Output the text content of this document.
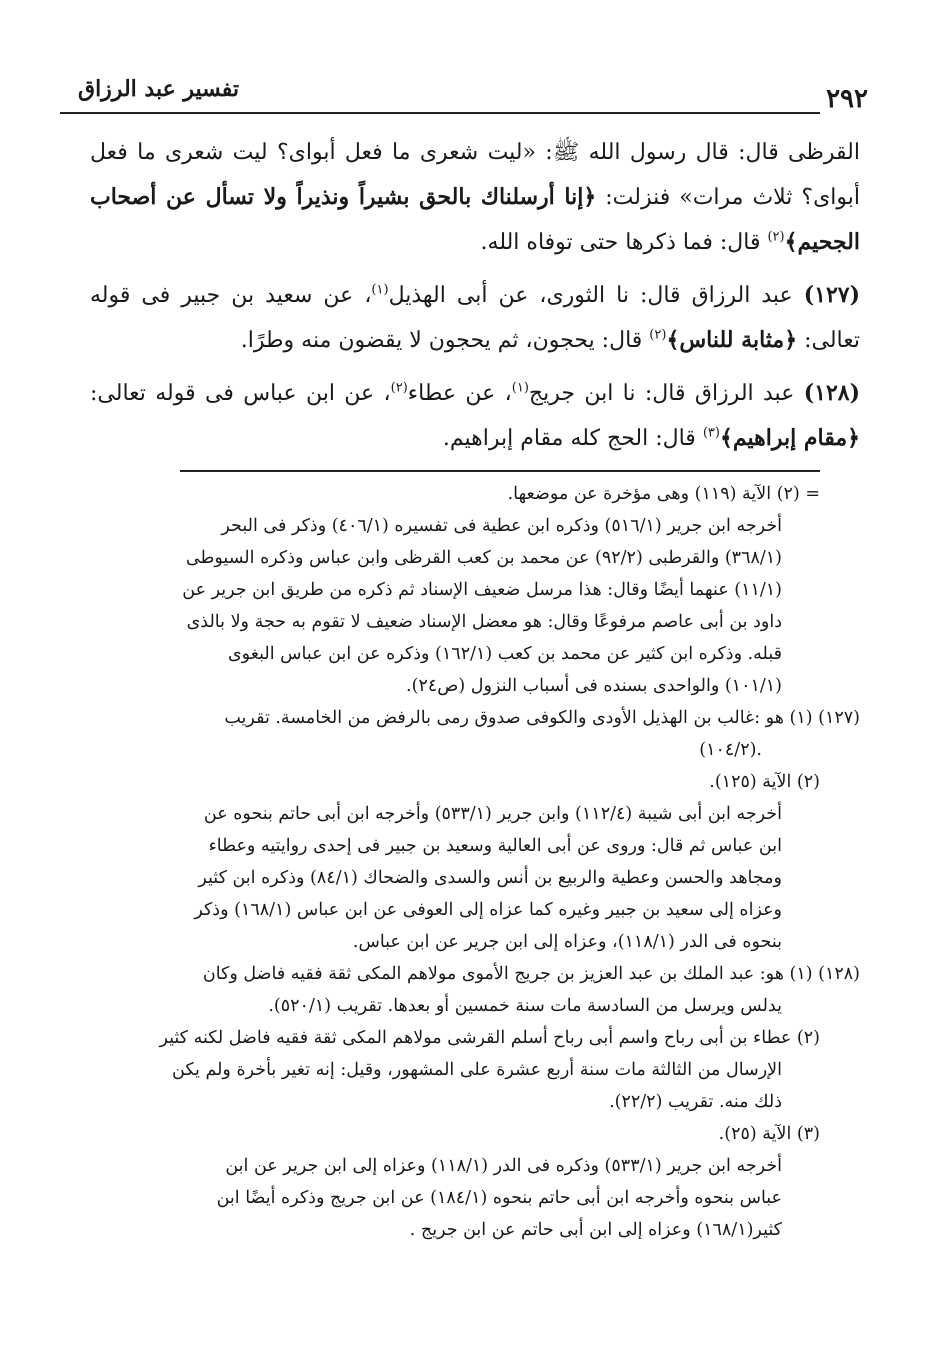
٢٩٢
تفسير عبد الرزاق

القرظى قال: قال رسول الله ﷺ: «ليت شعرى ما فعل أبواى؟ ليت شعرى ما فعل أبواى؟ ثلاث مرات» فنزلت: ﴿إنا أرسلناك بالحق بشيراً ونذيراً ولا تسأل عن أصحاب الجحيم﴾$^{(٢)}$ قال: فما ذكرها حتى توفاه الله.

(١٢٧) عبد الرزاق قال: نا الثورى، عن أبى الهذيل$^{(١)}$، عن سعيد بن جبير فى قوله تعالى: ﴿مثابة للناس﴾$^{(٢)}$ قال: يحجون، ثم يحجون لا يقضون منه وطرًا.

(١٢٨) عبد الرزاق قال: نا ابن جريج$^{(١)}$، عن عطاء$^{(٢)}$، عن ابن عباس فى قوله تعالى: ﴿مقام إبراهيم﴾$^{(٣)}$ قال: الحج كله مقام إبراهيم.

= (٢) الآية (١١٩) وهى مؤخرة عن موضعها.

أخرجه ابن جرير (٥١٦/١) وذكره ابن عطية فى تفسيره (٤٠٦/١) وذكر فى البحر

(٣٦٨/١) والقرطبى (٩٢/٢) عن محمد بن كعب القرظى وابن عباس وذكره السيوطى

(١١/١) عنهما أيضًا وقال: هذا مرسل ضعيف الإسناد ثم ذكره من طريق ابن جرير عن

داود بن أبى عاصم مرفوعًا وقال: هو معضل الإسناد ضعيف لا تقوم به حجة ولا بالذى

قبله. وذكره ابن كثير عن محمد بن كعب (١٦٢/١) وذكره عن ابن عباس البغوى

(١٠١/١) والواحدى بسنده فى أسباب النزول (ص٢٤).

(١٢٧) (١) هو :غالب بن الهذيل الأودى والكوفى صدوق رمى بالرفض من الخامسة. تقريب

.(١٠٤/٢)

(٢) الآية (١٢٥).

أخرجه ابن أبى شيبة (١١٢/٤) وابن جرير (٥٣٣/١) وأخرجه ابن أبى حاتم بنحوه عن

ابن عباس ثم قال: وروى عن أبى العالية وسعيد بن جبير فى إحدى روايتيه وعطاء

ومجاهد والحسن وعطية والربيع بن أنس والسدى والضحاك (٨٤/١) وذكره ابن كثير

وعزاه إلى سعيد بن جبير وغيره كما عزاه إلى العوفى عن ابن عباس (١٦٨/١) وذكر

بنحوه فى الدر (١١٨/١)، وعزاه إلى ابن جرير عن ابن عباس.

(١٢٨) (١) هو: عبد الملك بن عبد العزيز بن جريج الأموى مولاهم المكى ثقة فقيه فاضل وكان

يدلس ويرسل من السادسة مات سنة خمسين أو بعدها. تقريب (٥٢٠/١).

(٢) عطاء بن أبى رباح واسم أبى رباح أسلم القرشى مولاهم المكى ثقة فقيه فاضل لكنه كثير

الإرسال من الثالثة مات سنة أربع عشرة على المشهور، وقيل: إنه تغير بأخرة ولم يكن

ذلك منه. تقريب (٢٢/٢).

(٣) الآية (٢٥).

أخرجه ابن جرير (٥٣٣/١) وذكره فى الدر (١١٨/١) وعزاه إلى ابن جرير عن ابن

عباس بنحوه وأخرجه ابن أبى حاتم بنحوه (١٨٤/١) عن ابن جريج وذكره أيضًا ابن

كثير(١٦٨/١) وعزاه إلى ابن أبى حاتم عن ابن جريج .
